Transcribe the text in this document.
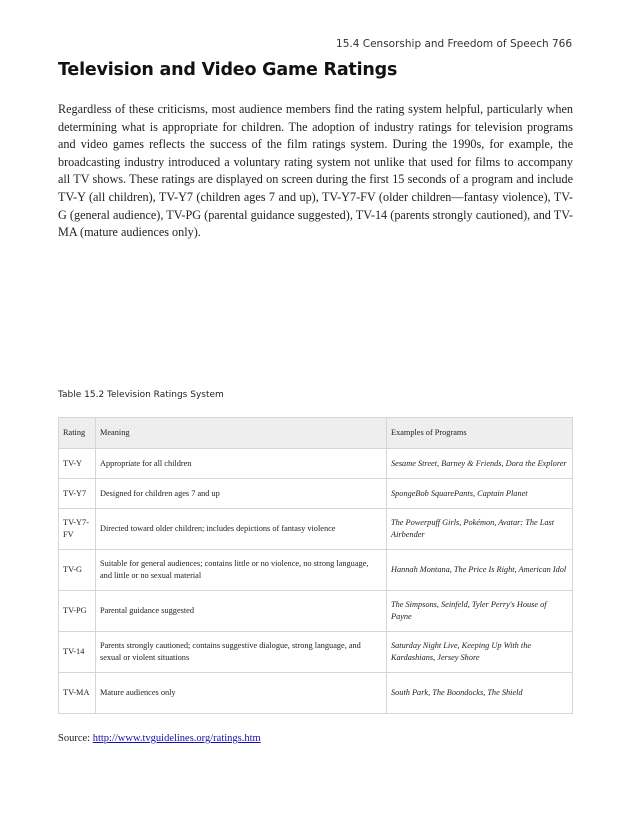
15.4 Censorship and Freedom of Speech 766
Television and Video Game Ratings

Regardless of these criticisms, most audience members find the rating system helpful, particularly when determining what is appropriate for children. The adoption of industry ratings for television programs and video games reflects the success of the film ratings system. During the 1990s, for example, the broadcasting industry introduced a voluntary rating system not unlike that used for films to accompany all TV shows. These ratings are displayed on screen during the first 15 seconds of a program and include TV-Y (all children), TV-Y7 (children ages 7 and up), TV-Y7-FV (older children—fantasy violence), TV-G (general audience), TV-PG (parental guidance suggested), TV-14 (parents strongly cautioned), and TV-MA (mature audiences only).

Table 15.2 Television Ratings System

Rating	Meaning	Examples of Programs
TV-Y	Appropriate for all children	Sesame Street, Barney & Friends, Dora the Explorer
TV-Y7	Designed for children ages 7 and up	SpongeBob SquarePants, Captain Planet
TV-Y7-FV	Directed toward older children; includes depictions of fantasy violence	The Powerpuff Girls, Pokémon, Avatar: The Last Airbender
TV-G	Suitable for general audiences; contains little or no violence, no strong language, and little or no sexual material	Hannah Montana, The Price Is Right, American Idol
TV-PG	Parental guidance suggested	The Simpsons, Seinfeld, Tyler Perry's House of Payne
TV-14	Parents strongly cautioned; contains suggestive dialogue, strong language, and sexual or violent situations	Saturday Night Live, Keeping Up With the Kardashians, Jersey Shore
TV-MA	Mature audiences only	South Park, The Boondocks, The Shield

Source: http://www.tvguidelines.org/ratings.htm
